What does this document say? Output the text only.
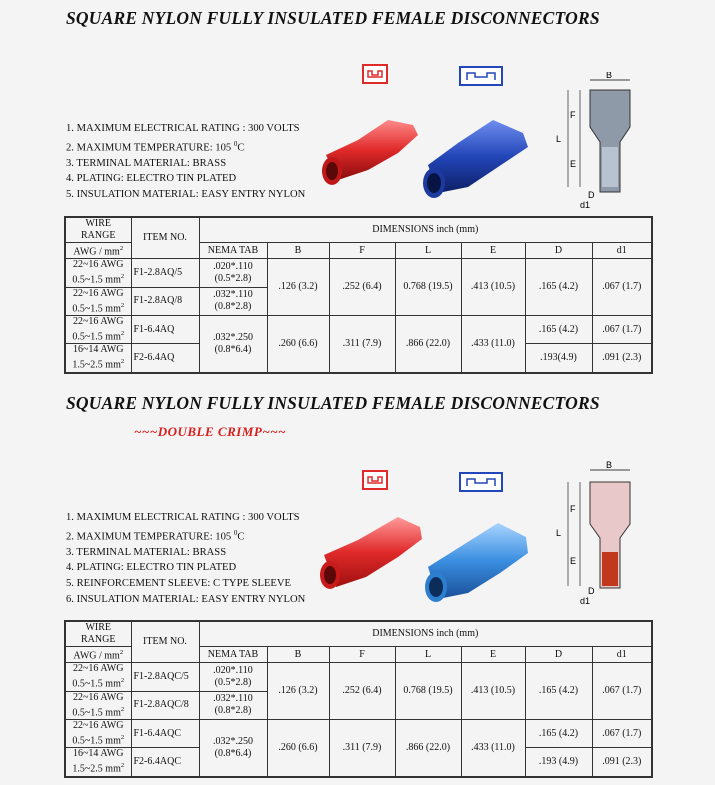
SQUARE NYLON FULLY INSULATED FEMALE DISCONNECTORS
1. MAXIMUM ELECTRICAL RATING : 300 VOLTS
2. MAXIMUM TEMPERATURE: 105 $^0$C
3. TERMINAL MATERIAL: BRASS
4. PLATING: ELECTRO TIN PLATED
5. INSULATION MATERIAL: EASY ENTRY NYLON
B
F
L
E
D
d1
WIRE RANGE	ITEM NO.	DIMENSIONS inch (mm)						
AWG / $mm^2$		NEMA TAB	B	F	L	E	D	d1
22~16 AWG
0.5~1.5 $mm^2$	F1-2.8AQ/5	.020*.110
(0.5*2.8)	.126 (3.2)	.252 (6.4)	0.768 (19.5)	.413 (10.5)	.165 (4.2)	.067 (1.7)
22~16 AWG
0.5~1.5 $mm^2$	F1-2.8AQ/8	.032*.110
(0.8*2.8)						
22~16 AWG
0.5~1.5 $mm^2$	F1-6.4AQ	.032*.250
(0.8*6.4)	.260 (6.6)	.311 (7.9)	.866 (22.0)	.433 (11.0)	.165 (4.2)	.067 (1.7)
16~14 AWG
1.5~2.5 $mm^2$	F2-6.4AQ						.193(4.9)	.091 (2.3)
SQUARE NYLON FULLY INSULATED FEMALE DISCONNECTORS
~~~DOUBLE CRIMP~~~
1. MAXIMUM ELECTRICAL RATING : 300 VOLTS
2. MAXIMUM TEMPERATURE: 105 $^0$C
3. TERMINAL MATERIAL: BRASS
4. PLATING: ELECTRO TIN PLATED
5. REINFORCEMENT SLEEVE: C TYPE SLEEVE
6. INSULATION MATERIAL: EASY ENTRY NYLON
B
F
L
E
D
d1
WIRE RANGE	ITEM NO.	DIMENSIONS inch (mm)						
AWG / $mm^2$		NEMA TAB	B	F	L	E	D	d1
22~16 AWG
0.5~1.5 $mm^2$	F1-2.8AQC/5	.020*.110
(0.5*2.8)	.126 (3.2)	.252 (6.4)	0.768 (19.5)	.413 (10.5)	.165 (4.2)	.067 (1.7)
22~16 AWG
0.5~1.5 $mm^2$	F1-2.8AQC/8	.032*.110
(0.8*2.8)						
22~16 AWG
0.5~1.5 $mm^2$	F1-6.4AQC	.032*.250
(0.8*6.4)	.260 (6.6)	.311 (7.9)	.866 (22.0)	.433 (11.0)	.165 (4.2)	.067 (1.7)
16~14 AWG
1.5~2.5 $mm^2$	F2-6.4AQC						.193 (4.9)	.091 (2.3)
